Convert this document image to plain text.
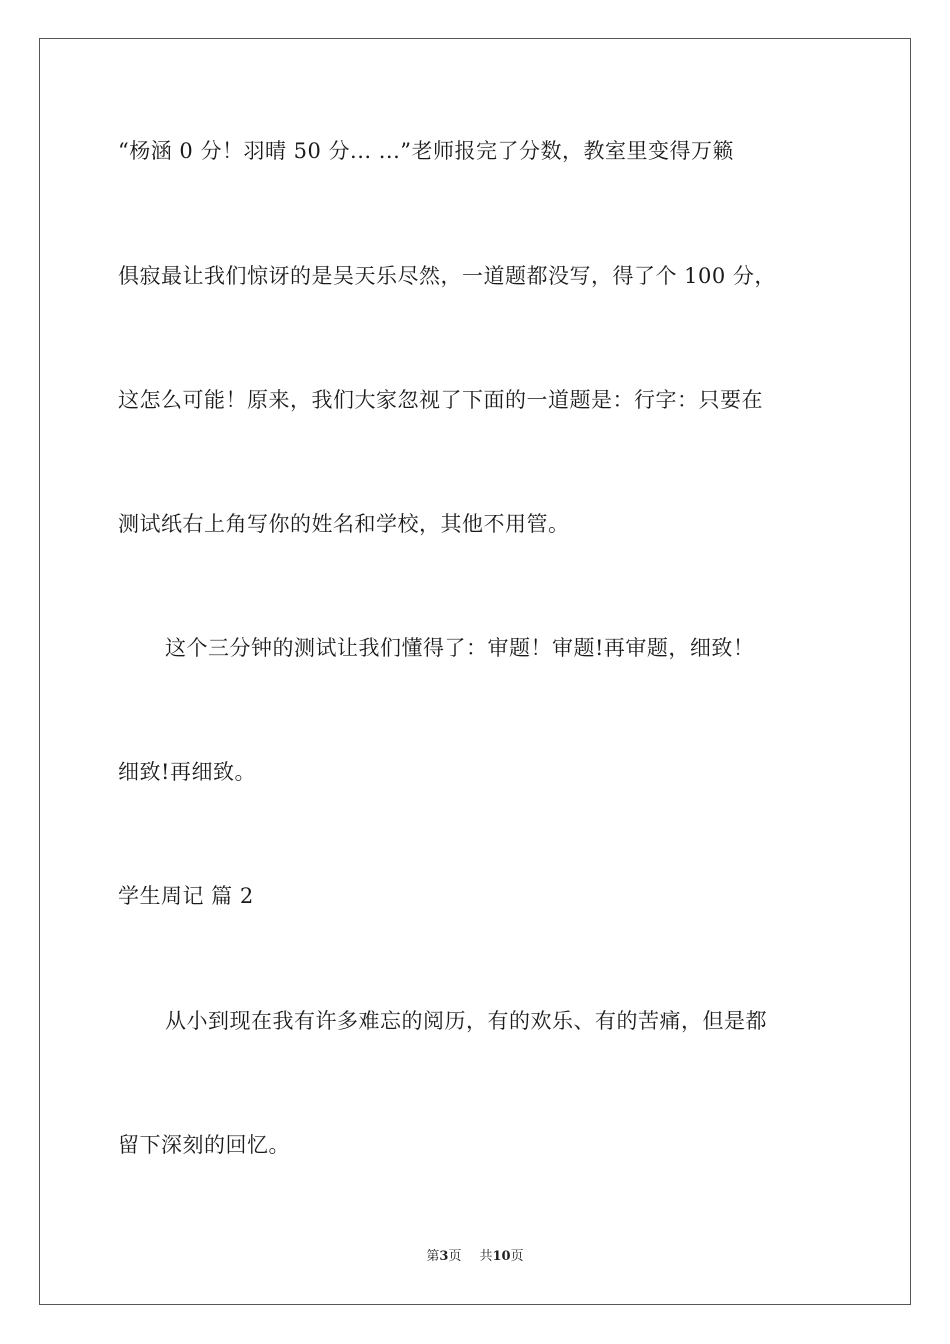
“杨涵 0 分！羽晴 50 分... ...”老师报完了分数，教室里变得万籁
俱寂最让我们惊讶的是吴天乐尽然，一道题都没写，得了个 100 分，
这怎么可能！原来，我们大家忽视了下面的一道题是：行字：只要在
测试纸右上角写你的姓名和学校，其他不用管。
这个三分钟的测试让我们懂得了：审题！审题!再审题，细致！
细致!再细致。
学生周记 篇 2
从小到现在我有许多难忘的阅历，有的欢乐、有的苦痛，但是都
留下深刻的回忆。
第3页 共10页
